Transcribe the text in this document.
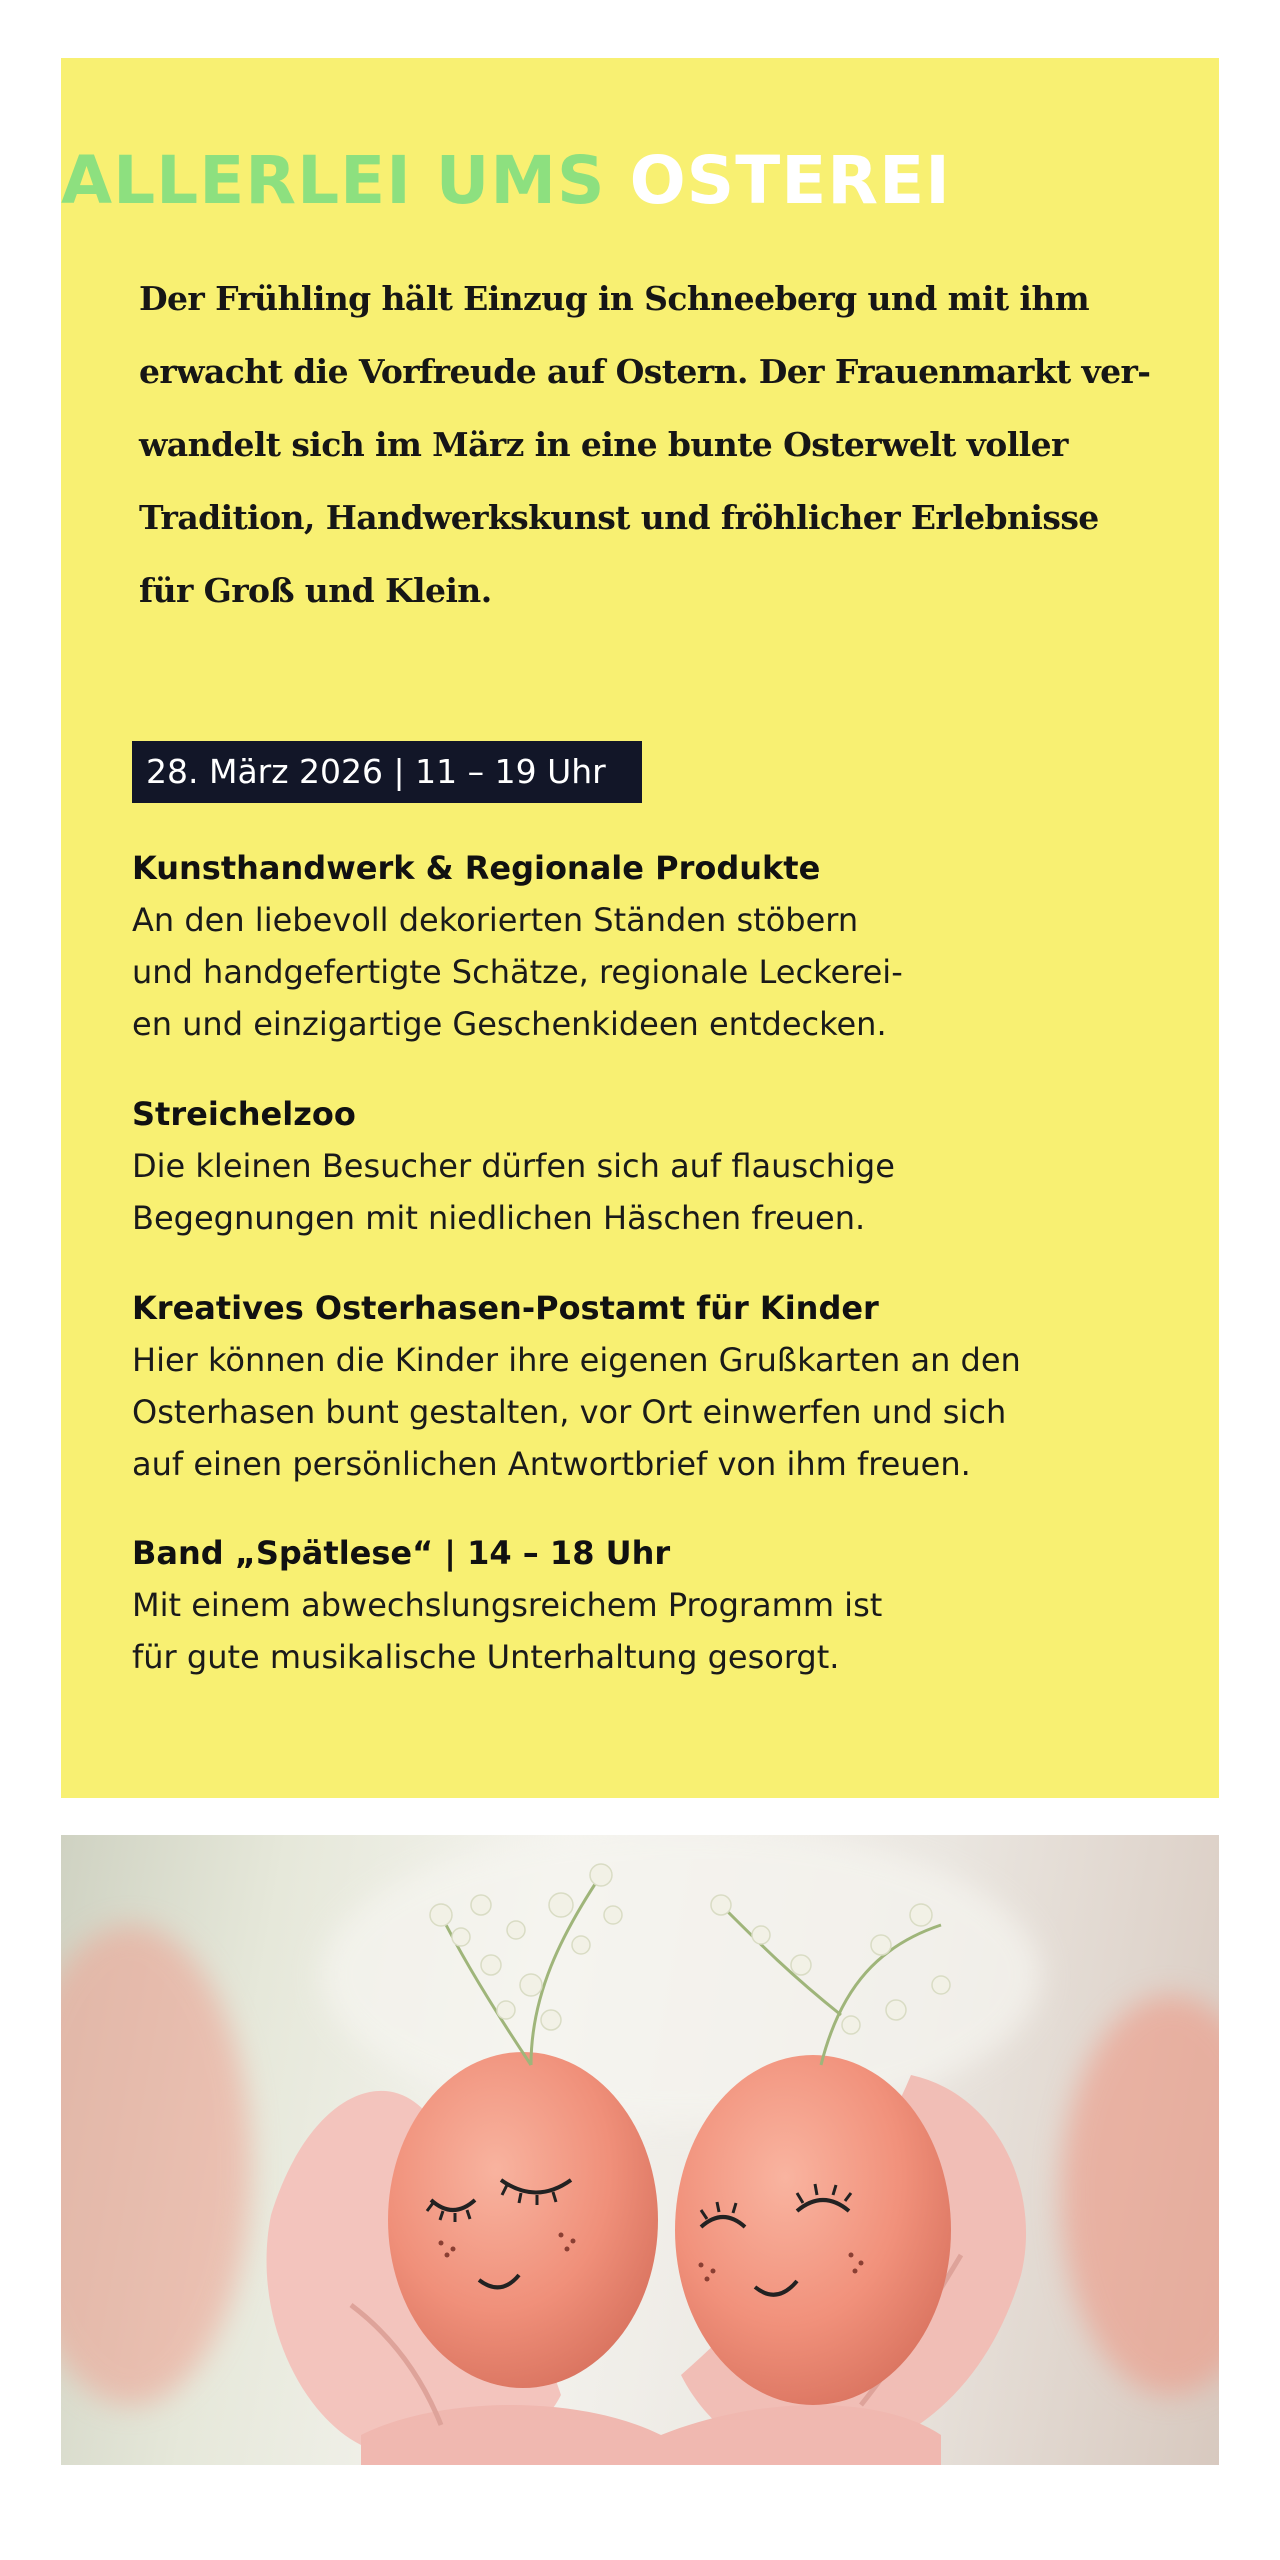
ALLERLEI UMS OSTEREI
Der Frühling hält Einzug in Schneeberg und mit ihm
erwacht die Vorfreude auf Ostern. Der Frauenmarkt ver-
wandelt sich im März in eine bunte Osterwelt voller
Tradition, Handwerkskunst und fröhlicher Erlebnisse
für Groß und Klein.
28. März 2026 | 11 – 19 Uhr
Kunsthandwerk & Regionale Produkte

An den liebevoll dekorierten Ständen stöbern
und handgefertigte Schätze, regionale Leckerei-
en und einzigartige Geschenkideen entdecken.

Streichelzoo

Die kleinen Besucher dürfen sich auf flauschige
Begegnungen mit niedlichen Häschen freuen.

Kreatives Osterhasen-Postamt für Kinder

Hier können die Kinder ihre eigenen Grußkarten an den
Osterhasen bunt gestalten, vor Ort einwerfen und sich
auf einen persönlichen Antwortbrief von ihm freuen.

Band „Spätlese“ | 14 – 18 Uhr

Mit einem abwechslungsreichem Programm ist
für gute musikalische Unterhaltung gesorgt.
